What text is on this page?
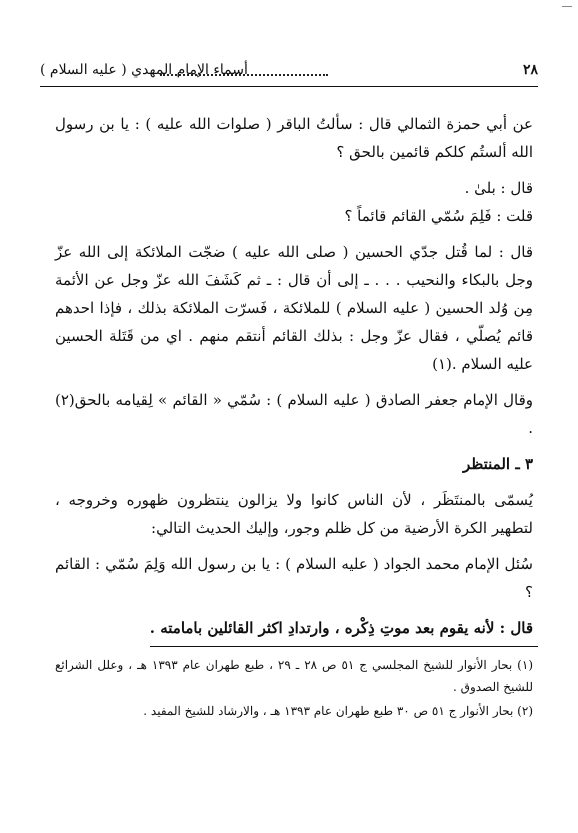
٢٨
أسماء الإمام المهدي ( عليه السلام )

عن أبي حمزة الثمالي قال : سألتُ الباقر ( صلوات الله عليه ) : يا بن رسول الله ألستُم كلكم قائمين بالحق ؟

قال : بلىٰ .

قلت : فَلِمَ سُمّي القائم قائماً ؟

قال : لما قُتل جدّي الحسين ( صلى الله عليه ) ضجّت الملائكة إلى الله عزّ وجل بالبكاء والنحيب . . . ـ إلى أن قال : ـ ثم كَشَفَ الله عزّ وجل عن الأئمة مِن وُلد الحسين ( عليه السلام ) للملائكة ، فَسرّت الملائكة بذلك ، فإذا احدهم قائم يُصلّي ، فقال عزّ وجل : بذلك القائم أنتقم منهم . اي من قَتَلة الحسين عليه السلام .(١)

وقال الإمام جعفر الصادق ( عليه السلام ) : سُمّي « القائم » لِقيامه بالحق(٢) .

٣ ـ المنتظر

يُسمّى بالمنتَظَر ، لأن الناس كانوا ولا يزالون ينتظرون ظهوره وخروجه ، لتطهير الكرة الأرضية من كل ظلم وجور، وإليك الحديث التالي:

سُئل الإمام محمد الجواد ( عليه السلام ) : يا بن رسول الله وَلِمَ سُمّي : القائم ؟

قال : لأنه يقوم بعد موتِ ذِكْره ، وارتدادِ اكثر القائلين بامامته .

(١) بحار الأنوار للشيخ المجلسي ج ٥١ ص ٢٨ ـ ٢٩ ، طبع طهران عام ١٣٩٣ هـ ، وعلل الشرائع للشيخ الصدوق .

(٢) بحار الأنوار ج ٥١ ص ٣٠ طبع طهران عام ١٣٩٣ هـ ، والارشاد للشيخ المفيد .
